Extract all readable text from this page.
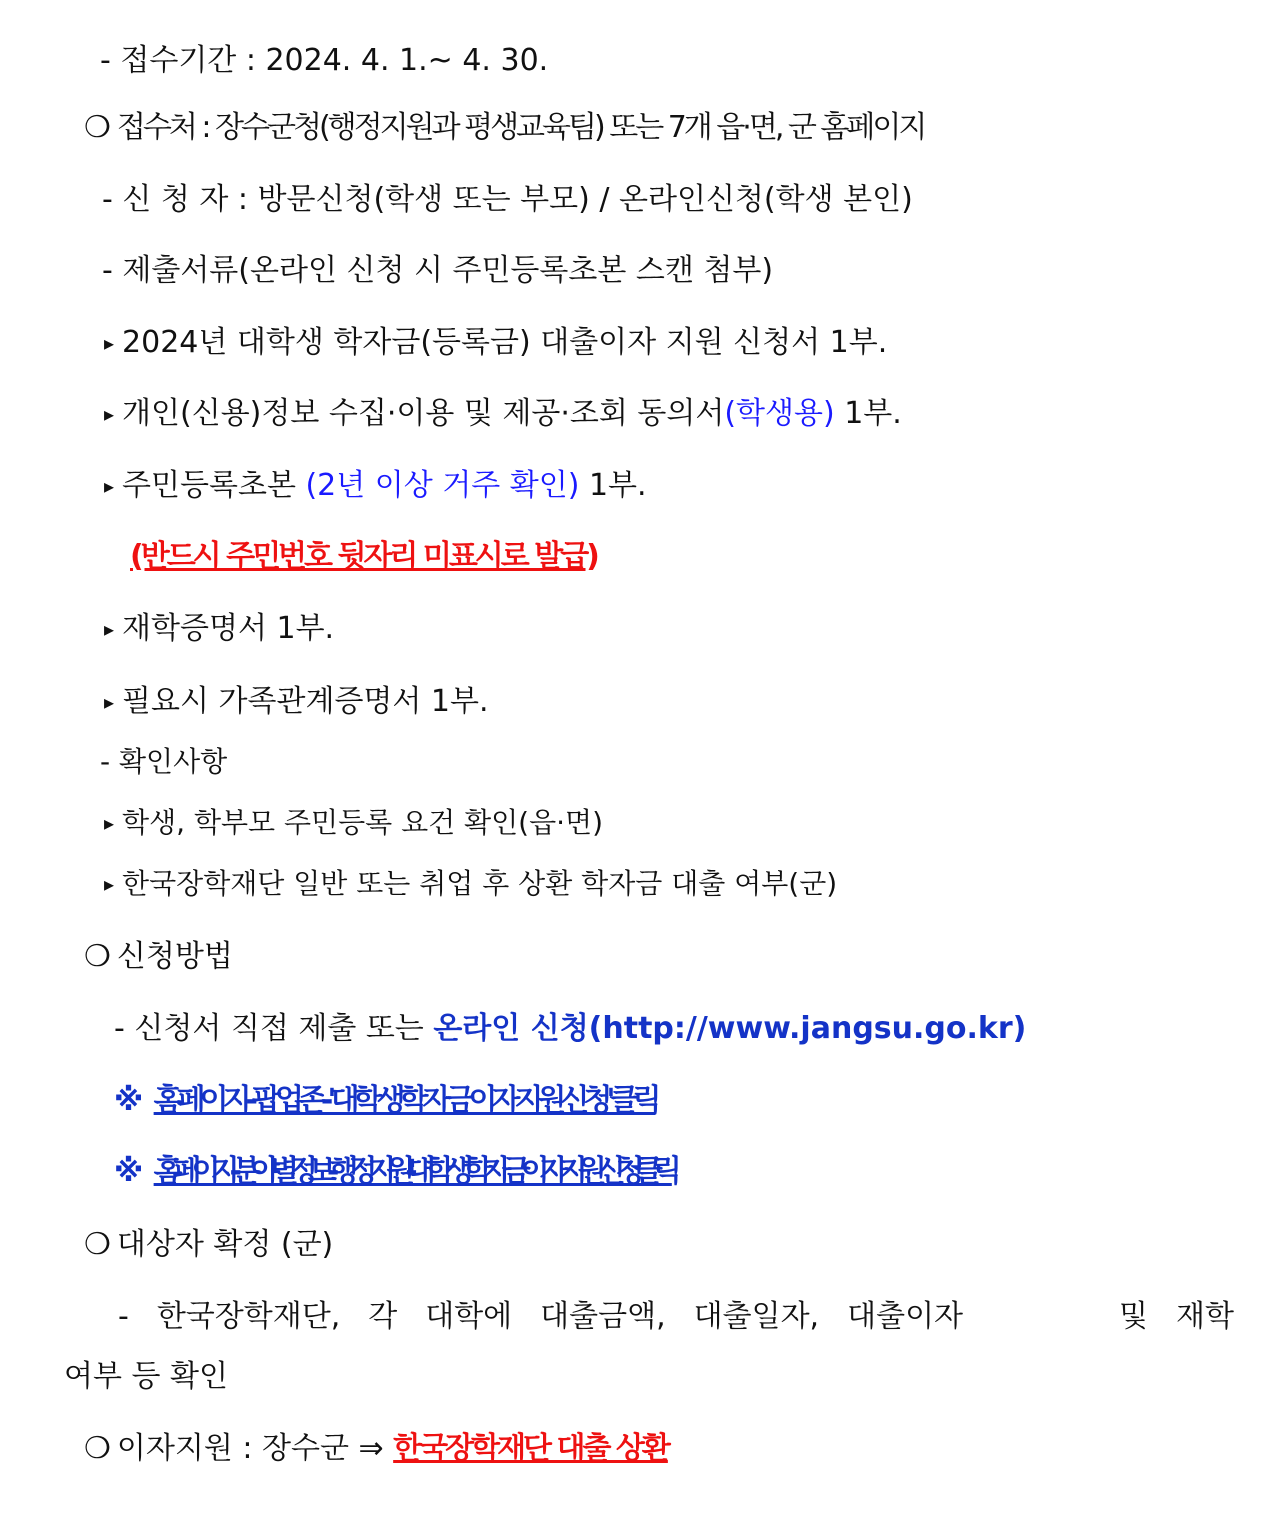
- 접수기간 : 2024. 4. 1.~ 4. 30.
❍ 접수처 : 장수군청(행정지원과 평생교육팀) 또는 7개 읍·면, 군 홈페이지
- 신 청 자 : 방문신청(학생 또는 부모) / 온라인신청(학생 본인)
- 제출서류(온라인 신청 시 주민등록초본 스캔 첨부)
▸ 2024년 대학생 학자금(등록금) 대출이자 지원 신청서 1부.
▸ 개인(신용)정보 수집·이용 및 제공·조회 동의서(학생용) 1부.
▸ 주민등록초본 (2년 이상 거주 확인) 1부.
(반드시 주민번호 뒷자리 미표시로 발급)
▸ 재학증명서 1부.
▸ 필요시 가족관계증명서 1부.
- 확인사항
▸ 학생, 학부모 주민등록 요건 확인(읍·면)
▸ 한국장학재단 일반 또는 취업 후 상환 학자금 대출 여부(군)
❍ 신청방법
- 신청서 직접 제출 또는 온라인 신청(http://www.jangsu.go.kr)
※ 홈페이지-팝업존-'대학생학자금이자지원신청'클릭
※ 홈페이지-분야별정보-행정지원-'대학생학자금이자지원신청'클릭
❍ 대상자 확정 (군)
- 한국장학재단, 각 대학에 대출금액, 대출일자, 대출이자	및 재학
여부 등 확인
❍ 이자지원 : 장수군 ⇒ 한국장학재단 대출 상환
